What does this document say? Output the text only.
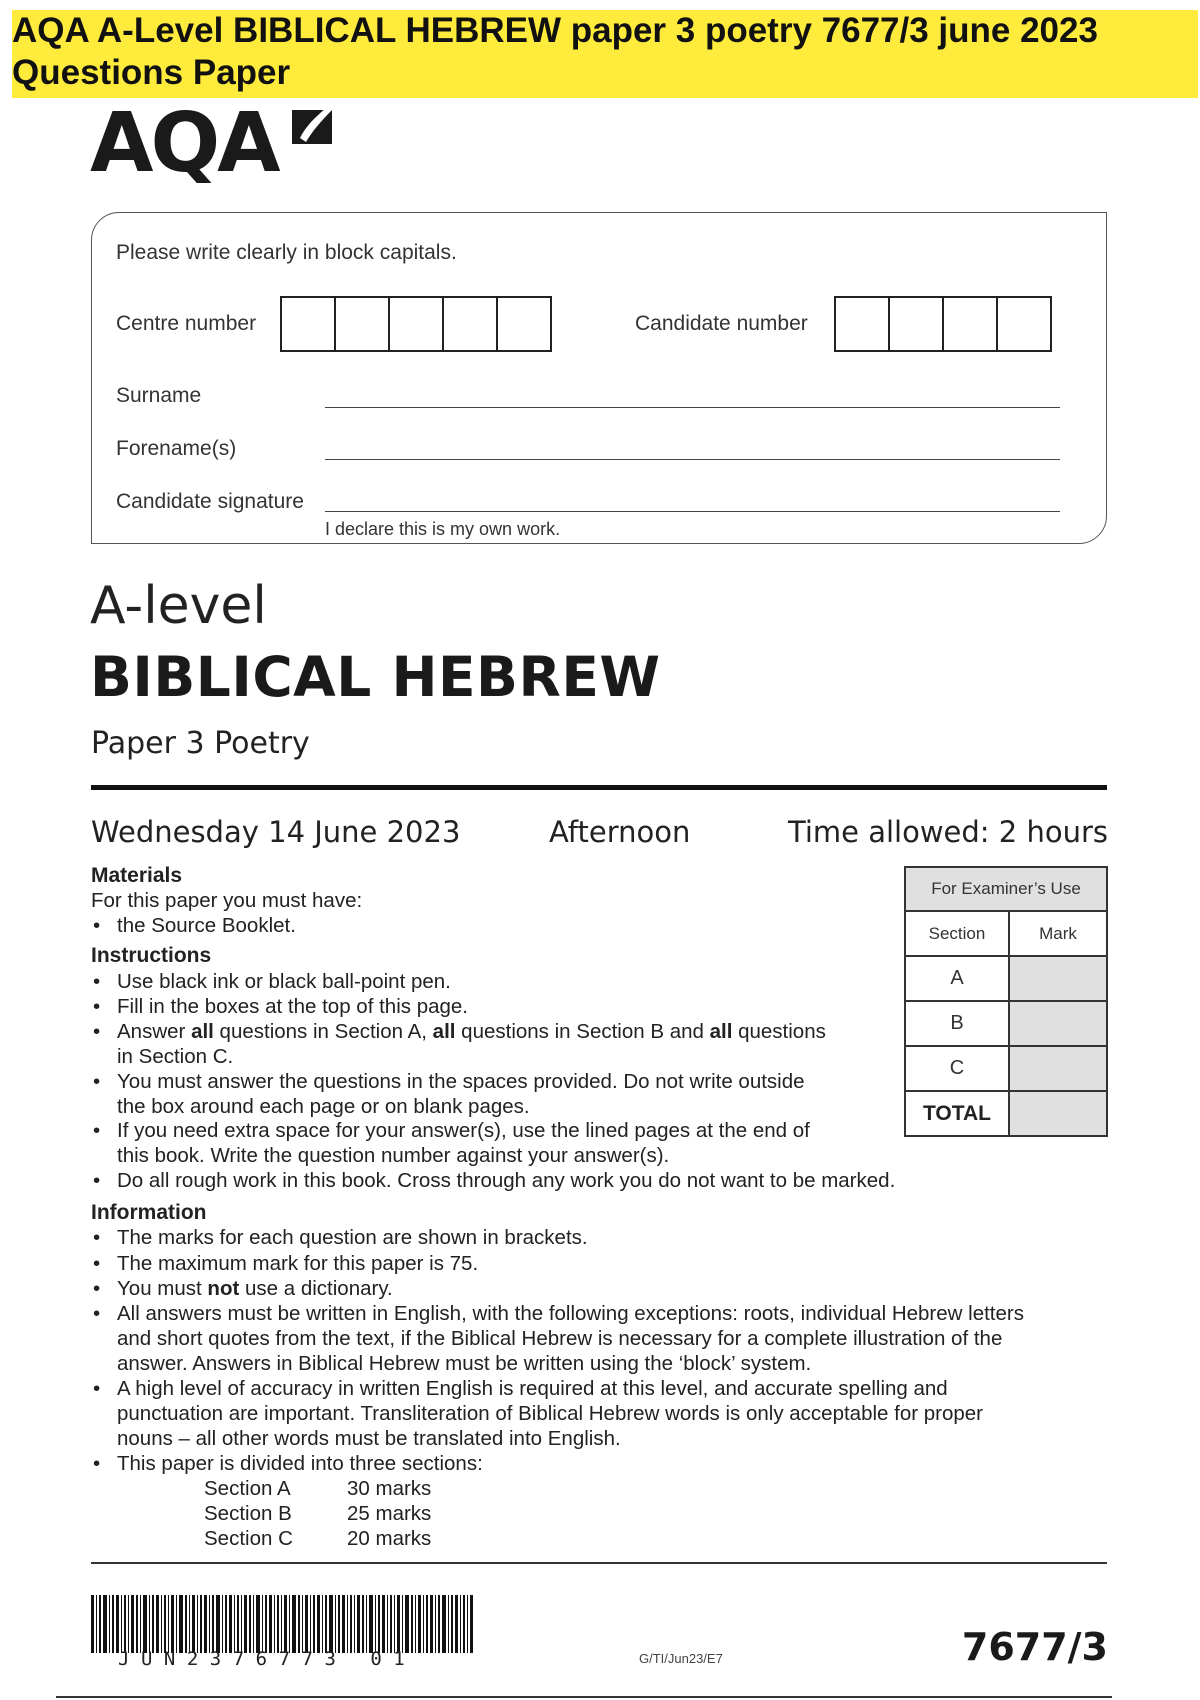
AQA A-Level BIBLICAL HEBREW paper 3 poetry 7677/3 june 2023 Questions Paper
AQA
Please write clearly in block capitals.
Centre number	Candidate number
Surname
Forename(s)
Candidate signature
I declare this is my own work.
A-level
BIBLICAL HEBREW
Paper 3 Poetry
Wednesday 14 June 2023	Afternoon	Time allowed: 2 hours
Materials
For this paper you must have:
• the Source Booklet.
Instructions
• Use black ink or black ball-point pen.
• Fill in the boxes at the top of this page.
• Answer all questions in Section A, all questions in Section B and all questions
in Section C.
• You must answer the questions in the spaces provided. Do not write outside
the box around each page or on blank pages.
• If you need extra space for your answer(s), use the lined pages at the end of
this book. Write the question number against your answer(s).
• Do all rough work in this book. Cross through any work you do not want to be marked.
Information
• The marks for each question are shown in brackets.
• The maximum mark for this paper is 75.
• You must not use a dictionary.
• All answers must be written in English, with the following exceptions: roots, individual Hebrew letters
and short quotes from the text, if the Biblical Hebrew is necessary for a complete illustration of the
answer. Answers in Biblical Hebrew must be written using the ‘block’ system.
• A high level of accuracy in written English is required at this level, and accurate spelling and
punctuation are important. Transliteration of Biblical Hebrew words is only acceptable for proper
nouns – all other words must be translated into English.
• This paper is divided into three sections:
Section A	30 marks
Section B	25 marks
Section C	20 marks
For Examiner’s Use	
Section	Mark
A	
B	
C	
TOTAL	
JUN2376773 01	G/TI/Jun23/E7	7677/3
